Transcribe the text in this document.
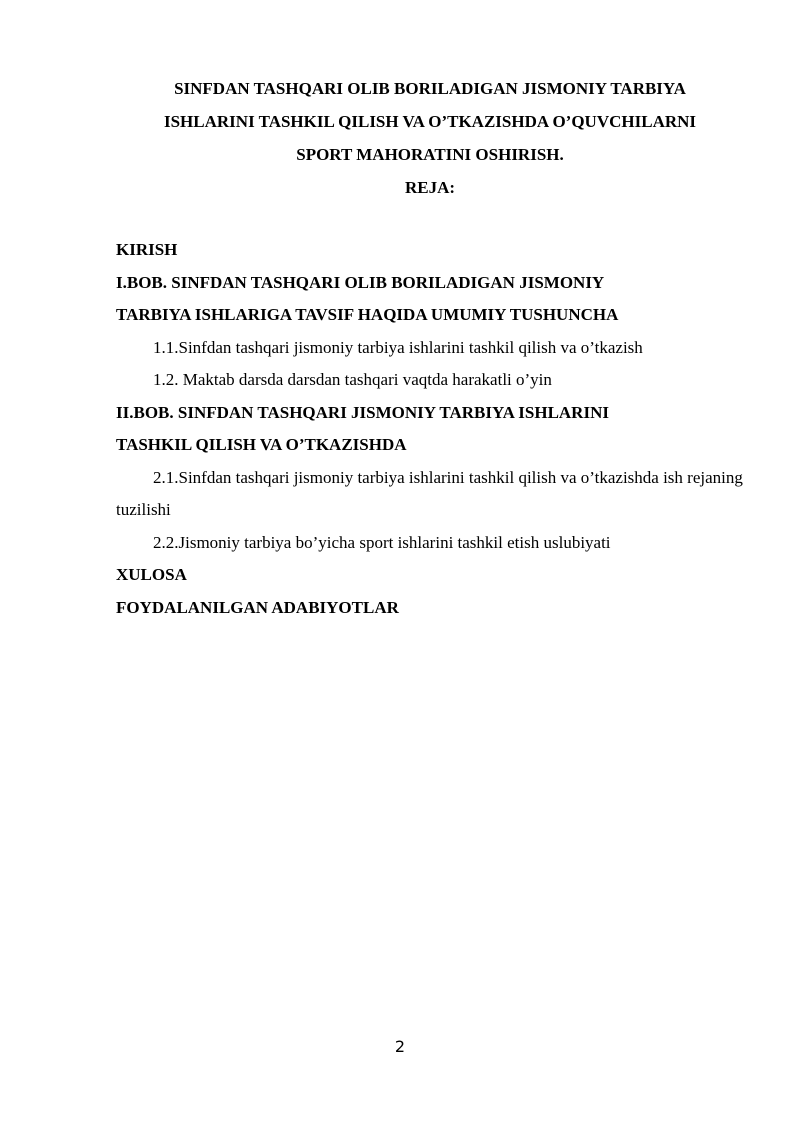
SINFDAN TASHQARI OLIB BORILADIGAN JISMONIY TARBIYA
ISHLARINI TASHKIL QILISH VA O’TKAZISHDA O’QUVCHILARNI
SPORT MAHORATINI OSHIRISH.
REJA:
KIRISH
I.BOB. SINFDAN TASHQARI OLIB BORILADIGAN JISMONIY
TARBIYA ISHLARIGA TAVSIF HAQIDA UMUMIY TUSHUNCHA
1.1.Sinfdan tashqari jismoniy tarbiya ishlarini tashkil qilish va o’tkazish
1.2. Maktab darsda darsdan tashqari vaqtda harakatli o’yin
II.BOB. SINFDAN TASHQARI JISMONIY TARBIYA ISHLARINI
TASHKIL QILISH VA O’TKAZISHDA
2.1.Sinfdan tashqari jismoniy tarbiya ishlarini tashkil qilish va o’tkazishda ish rejaning tuzilishi
2.2.Jismoniy tarbiya bo’yicha sport ishlarini tashkil etish uslubiyati
XULOSA
FOYDALANILGAN ADABIYOTLAR
2
